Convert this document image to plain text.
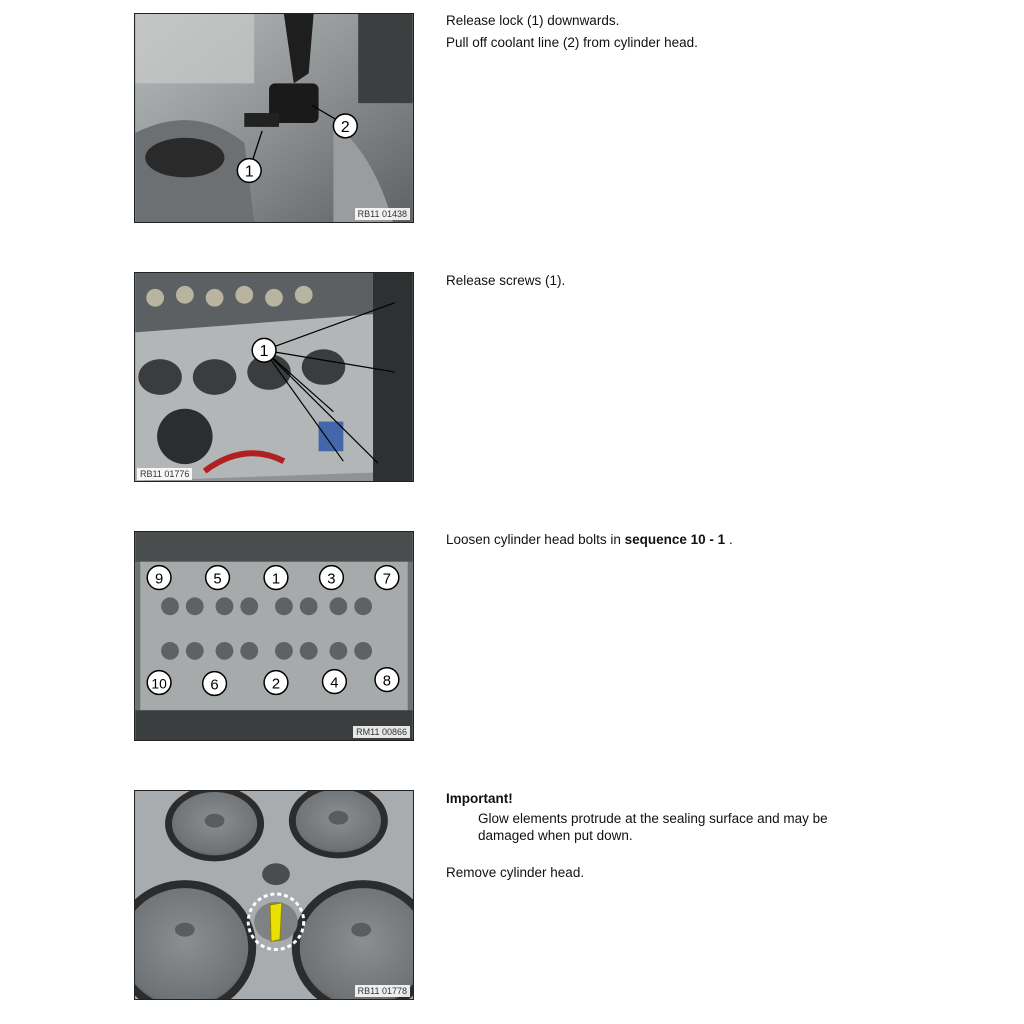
2
1
RB11 01438

Release lock (1) downwards.

Pull off coolant line (2) from cylinder head.

1
RB11 01776

Release screws (1).

9	5	1	3	7
10	6	2	4	8
RM11 00866

Loosen cylinder head bolts in sequence 10 - 1 .

RB11 01778

Important!

Glow elements protrude at the sealing surface and may be

damaged when put down.

Remove cylinder head.
